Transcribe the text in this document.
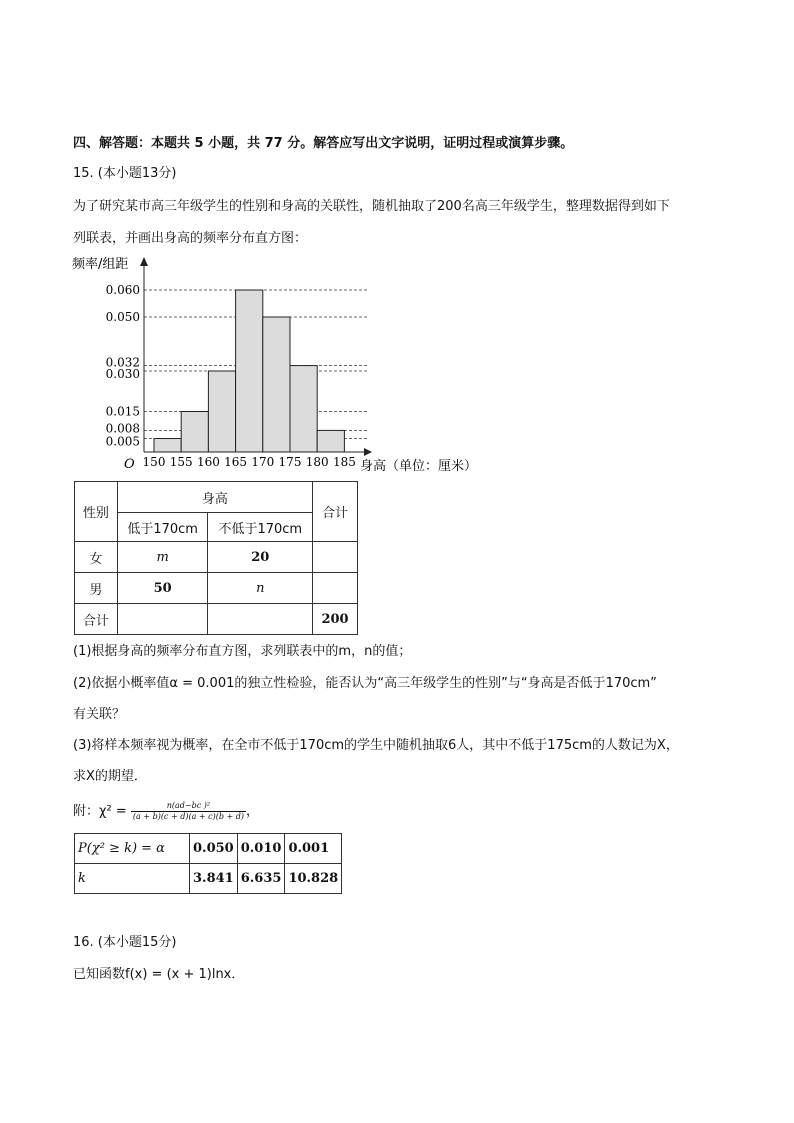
四、解答题：本题共 5 小题，共 77 分。解答应写出文字说明，证明过程或演算步骤。
15. (本小题13分)
为了研究某市高三年级学生的性别和身高的关联性，随机抽取了200名高三年级学生，整理数据得到如下
列联表，并画出身高的频率分布直方图：
频率/组距
O	身高（单位：厘米）
0.060
0.050
0.032
0.030
0.015
0.008
0.005
150 155 160 165 170 175 180 185
性别	身高		合计
	低于170cm	不低于170cm	
女	m	20	
男	50	n	
合计			200
(1)根据身高的频率分布直方图，求列联表中的m，n的值；
(2)依据小概率值α = 0.001的独立性检验，能否认为“高三年级学生的性别”与“身高是否低于170cm”
有关联？
(3)将样本频率视为概率，在全市不低于170cm的学生中随机抽取6人，其中不低于175cm的人数记为X，
求X的期望．
附：$\chi^2 = \frac{\text{n(ad−bc )²}}{(a + b)(c + d)(a + c)(b + d)}$ ，
P(χ² ≥ k) = α	0.050	0.010	0.001
k	3.841	6.635	10.828
16. (本小题15分)
已知函数f(x) = (x + 1)lnx．
